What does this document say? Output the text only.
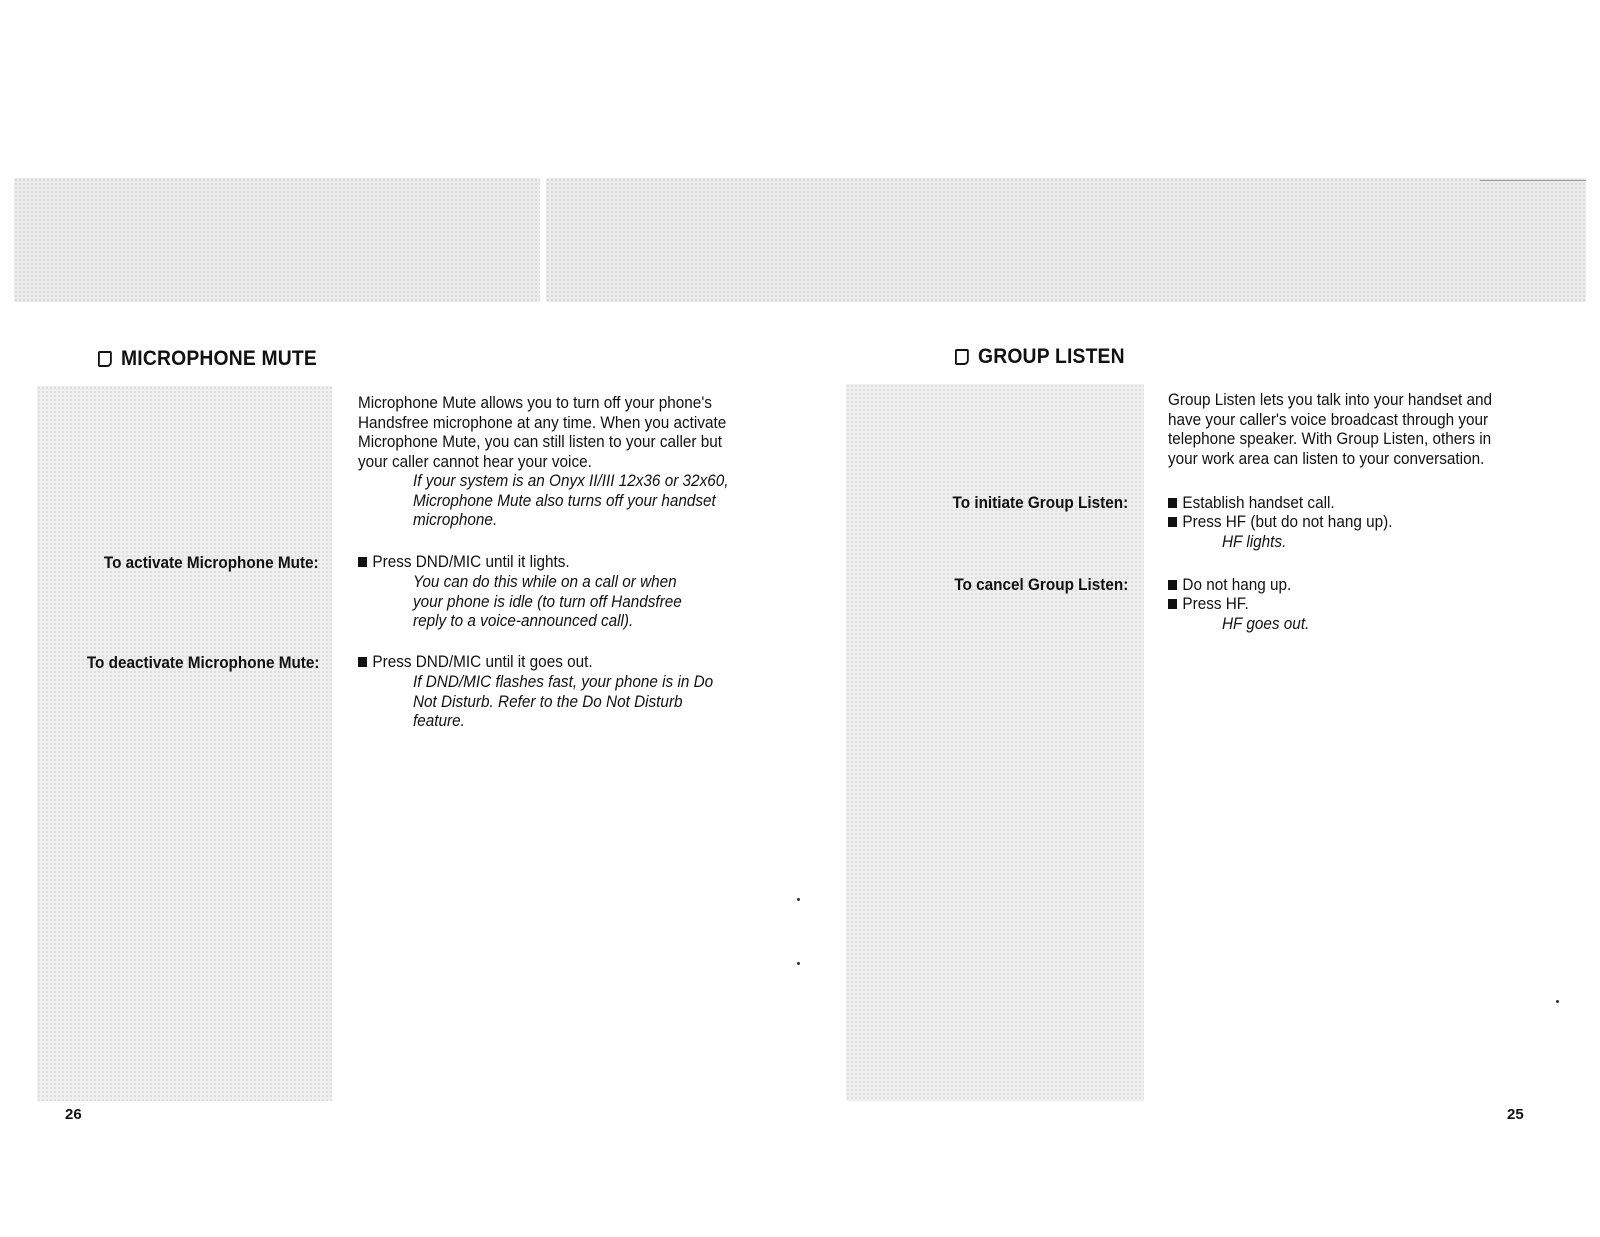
MICROPHONE MUTE
Microphone Mute allows you to turn off your phone's Handsfree microphone at any time. When you activate Microphone Mute, you can still listen to your caller but your caller cannot hear your voice.
If your system is an Onyx II/III 12x36 or 32x60, Microphone Mute also turns off your handset microphone.
To activate Microphone Mute:	Press DND/MIC until it lights.
You can do this while on a call or when your phone is idle (to turn off Handsfree reply to a voice-announced call).
To deactivate Microphone Mute:	Press DND/MIC until it goes out.
If DND/MIC flashes fast, your phone is in Do Not Disturb. Refer to the Do Not Disturb feature.
26
GROUP LISTEN
Group Listen lets you talk into your handset and have your caller's voice broadcast through your telephone speaker. With Group Listen, others in your work area can listen to your conversation.
To initiate Group Listen:	Establish handset call.
Press HF (but do not hang up).
HF lights.
To cancel Group Listen:	Do not hang up.
Press HF.
HF goes out.
25
